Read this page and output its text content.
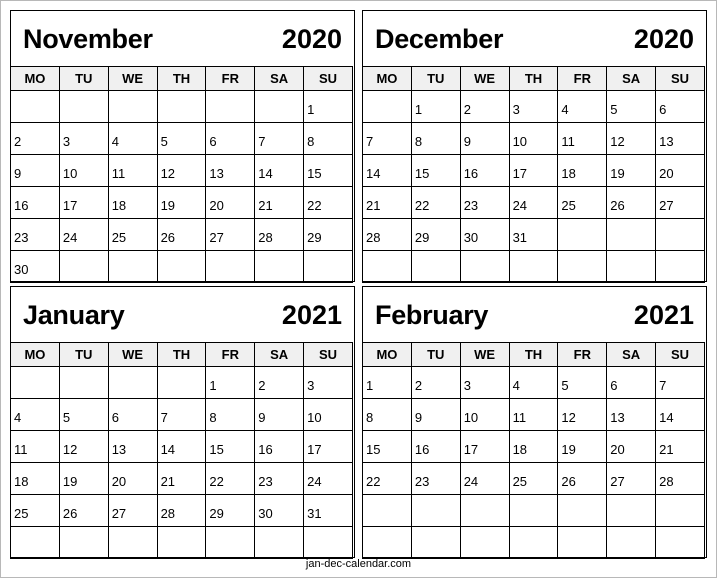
November	2020
MO	TU	WE	TH	FR	SA	SU

						1

2	3	4	5	6	7	8

9	10	11	12	13	14	15

16	17	18	19	20	21	22

23	24	25	26	27	28	29

30						

December	2020
MO	TU	WE	TH	FR	SA	SU

	1	2	3	4	5	6

7	8	9	10	11	12	13

14	15	16	17	18	19	20

21	22	23	24	25	26	27

28	29	30	31			

January	2021
MO	TU	WE	TH	FR	SA	SU

				1	2	3

4	5	6	7	8	9	10

11	12	13	14	15	16	17

18	19	20	21	22	23	24

25	26	27	28	29	30	31

February	2021
MO	TU	WE	TH	FR	SA	SU

1	2	3	4	5	6	7

8	9	10	11	12	13	14

15	16	17	18	19	20	21

22	23	24	25	26	27	28

jan-dec-calendar.com
